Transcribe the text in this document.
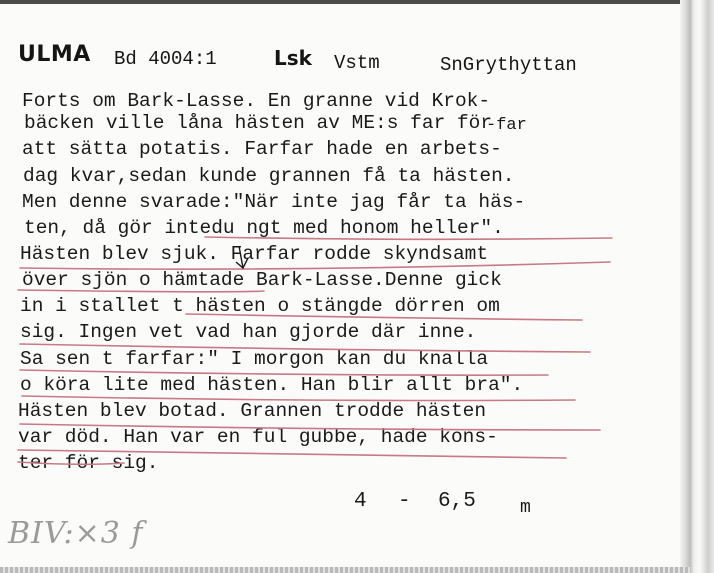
ULMA Bd 4004:1	Lsk Vstm	SnGrythyttan
Forts om Bark-Lasse. En granne vid Krok-
bäcken ville låna hästen av ME:s far för
att sätta potatis. Farfar hade en arbets-
dag kvar,sedan kunde grannen få ta hästen.
Men denne svarade:"När inte jag får ta häs-
ten, då gör intedu ngt med honom heller".
Hästen blev sjuk. Farfar rodde skyndsamt
över sjön o hämtade Bark-Lasse.Denne gick
in i stallet t hästen o stängde dörren om
sig. Ingen vet vad han gjorde där inne.
Sa sen t farfar:" I morgon kan du knalla
o köra lite med hästen. Han blir allt bra".
Hästen blev botad. Grannen trodde hästen
var död. Han var en ful gubbe, hade kons-
ter för sig.
-far
4 - 6,5 m
BIV:×3 f
